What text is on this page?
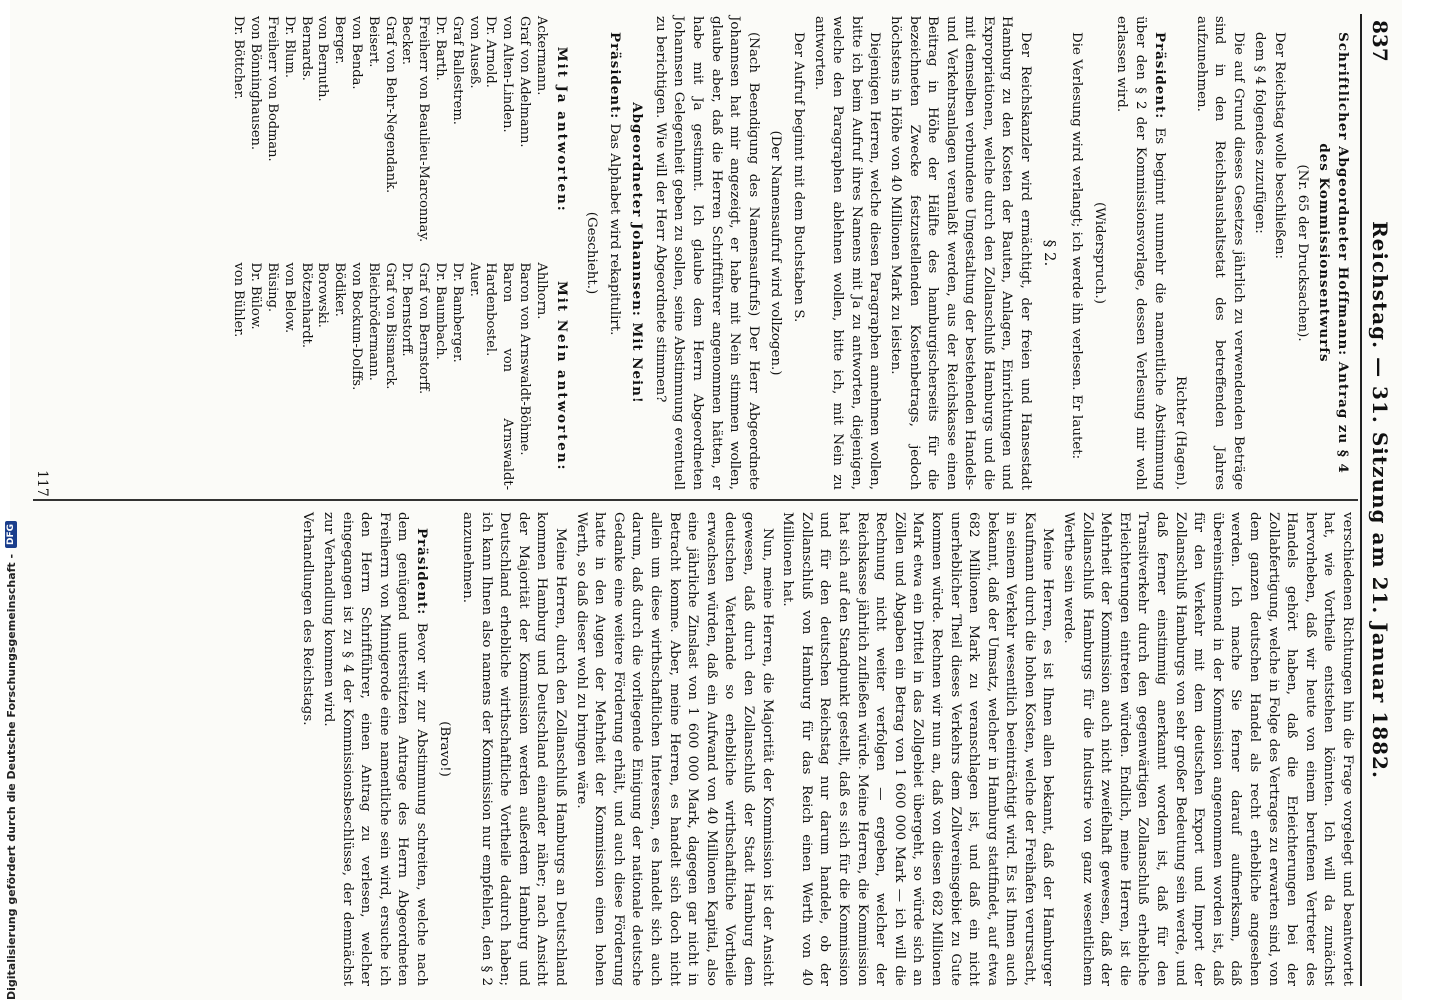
837
Reichstag. — 31. Sitzung am 21. Januar 1882.

Schriftlicher Abgeordneter Hoffmann: Antrag zu § 4 des Kommissionsentwurfs

(Nr. 65 der Drucksachen).

Der Reichstag wolle beschließen:

dem § 4 folgendes zuzufügen:

Die auf Grund dieses Gesetzes jährlich zu verwendenden Beträge sind in den Reichshaushaltsetat des betreffenden Jahres aufzunehmen.

Richter (Hagen).

Präsident: Es beginnt nunmehr die namentliche Abstimmung über den § 2 der Kommissionsvorlage, dessen Verlesung mir wohl erlassen wird.

(Widerspruch.)

Die Verlesung wird verlangt; ich werde ihn verlesen. Er lautet:

§ 2.

Der Reichskanzler wird ermächtigt, der freien und Hansestadt Hamburg zu den Kosten der Bauten, Anlagen, Einrichtungen und Expropriationen, welche durch den Zollanschluß Hamburgs und die mit demselben verbundene Umgestaltung der bestehenden Handels- und Verkehrsanlagen veranlaßt werden, aus der Reichskasse einen Beitrag in Höhe der Hälfte des hamburgischerseits für die bezeichneten Zwecke festzustellenden Kostenbetrags, jedoch höchstens in Höhe von 40 Millionen Mark zu leisten.

Diejenigen Herren, welche diesen Paragraphen annehmen wollen, bitte ich beim Aufruf ihres Namens mit Ja zu antworten, diejenigen, welche den Paragraphen ablehnen wollen, bitte ich, mit Nein zu antworten.

Der Aufruf beginnt mit dem Buchstaben S.

(Der Namensaufruf wird vollzogen.)

(Nach Beendigung des Namensaufrufs) Der Herr Abgeordnete Johannsen hat mir angezeigt, er habe mit Nein stimmen wollen, glaube aber, daß die Herren Schriftführer angenommen hätten, er habe mit Ja gestimmt. Ich glaube dem Herrn Abgeordneten Johannsen Gelegenheit geben zu sollen, seine Abstimmung eventuell zu berichtigen. Wie will der Herr Abgeordnete stimmen?

Abgeordneter Johannsen: Mit Nein!

Präsident: Das Alphabet wird rekapitulirt.

(Geschieht.)

Mit Ja antworten:
Mit Nein antworten:
Ackermann.
Graf von Adelmann.
von Alten-Linden.
Dr. Arnold.
von Auseß.
Graf Ballestrem.
Dr. Barth.
Freiherr von Beaulieu-Marconnay.
Becker.
Graf von Behr-Negendank.
Beisert.
von Benda.
Berger.
von Bernuth.
Bernards.
Dr. Blum.
Freiherr von Bodman.
von Bönninghausen.
Dr. Böttcher.
Ahlhorn.
Baron von Arnswaldt-Böhme.
Baron von Arnswaldt-Hardenbostel.
Auer.
Dr. Bamberger.
Dr. Baumbach.
Graf von Bernstorff.
Dr. Bernstorff.
Graf von Bismarck.
Bleichrödermann.
von Bockum-Dolffs.
Bödiker.
Borowski.
Bötzenhardt.
von Below.
Büsing.
Dr. Bülow.
von Bühler.

verschiedenen Richtungen hin die Frage vorgelegt und beantwortet hat, wie Vortheile entstehen könnten. Ich will da zunächst hervorheben, daß wir heute von einem berufenen Vertreter des Handels gehört haben, daß die Erleichterungen bei der Zollabfertigung, welche in Folge des Vertrages zu erwarten sind, von dem ganzen deutschen Handel als recht erhebliche angesehen werden. Ich mache Sie ferner darauf aufmerksam, daß übereinstimmend in der Kommission angenommen worden ist, daß für den Verkehr mit dem deutschen Export und Import der Zollanschluß Hamburgs von sehr großer Bedeutung sein werde, und daß ferner einstimmig anerkannt worden ist, daß für den Transitverkehr durch den gegenwärtigen Zollanschluß erhebliche Erleichterungen eintreten würden. Endlich, meine Herren, ist die Mehrheit der Kommission auch nicht zweifelhaft gewesen, daß der Zollanschluß Hamburgs für die Industrie von ganz wesentlichem Werthe sein werde.

Meine Herren, es ist Ihnen allen bekannt, daß der Hamburger Kaufmann durch die hohen Kosten, welche der Freihafen verursacht, in seinem Verkehr wesentlich beeinträchtigt wird. Es ist Ihnen auch bekannt, daß der Umsatz, welcher in Hamburg stattfindet, auf etwa 682 Millionen Mark zu veranschlagen ist, und daß ein nicht unerheblicher Theil dieses Verkehrs dem Zollvereinsgebiet zu Gute kommen würde. Rechnen wir nun an, daß von diesen 682 Millionen Mark etwa ein Drittel in das Zollgebiet übergeht, so würde sich an Zöllen und Abgaben ein Betrag von 1 600 000 Mark — ich will die Rechnung nicht weiter verfolgen — ergeben, welcher der Reichskasse jährlich zufließen würde. Meine Herren, die Kommission hat sich auf den Standpunkt gestellt, daß es sich für die Kommission und für den deutschen Reichstag nur darum handele, ob der Zollanschluß von Hamburg für das Reich einen Werth von 40 Millionen hat.

Nun, meine Herren, die Majorität der Kommission ist der Ansicht gewesen, daß durch den Zollanschluß der Stadt Hamburg dem deutschen Vaterlande so erhebliche wirthschaftliche Vortheile erwachsen würden, daß ein Aufwand von 40 Millionen Kapital, also eine jährliche Zinslast von 1 600 000 Mark, dagegen gar nicht in Betracht komme. Aber, meine Herren, es handelt sich doch nicht allein um diese wirthschaftlichen Interessen, es handelt sich auch darum, daß durch die vorliegende Einigung der nationale deutsche Gedanke eine weitere Förderung erhält, und auch diese Förderung hatte in den Augen der Mehrheit der Kommission einen hohen Werth, so daß dieser wohl zu bringen wäre.

Meine Herren, durch den Zollanschluß Hamburgs an Deutschland kommen Hamburg und Deutschland einander näher; nach Ansicht der Majorität der Kommission werden außerdem Hamburg und Deutschland erhebliche wirthschaftliche Vortheile dadurch haben; ich kann Ihnen also namens der Kommission nur empfehlen, den § 2 anzunehmen.

(Bravo!)

Präsident: Bevor wir zur Abstimmung schreiten, welche nach dem genügend unterstützten Antrage des Herrn Abgeordneten Freiherrn von Minnigerode eine namentliche sein wird, ersuche ich den Herrn Schriftführer, einen Antrag zu verlesen, welcher eingegangen ist zu § 4 der Kommissionsbeschlüsse, der demnächst zur Verhandlung kommen wird.

Verhandlungen des Reichstags.

117
Digitalisierung gefördert durch die Deutsche Forschungsgemeinschaft -
DFG
